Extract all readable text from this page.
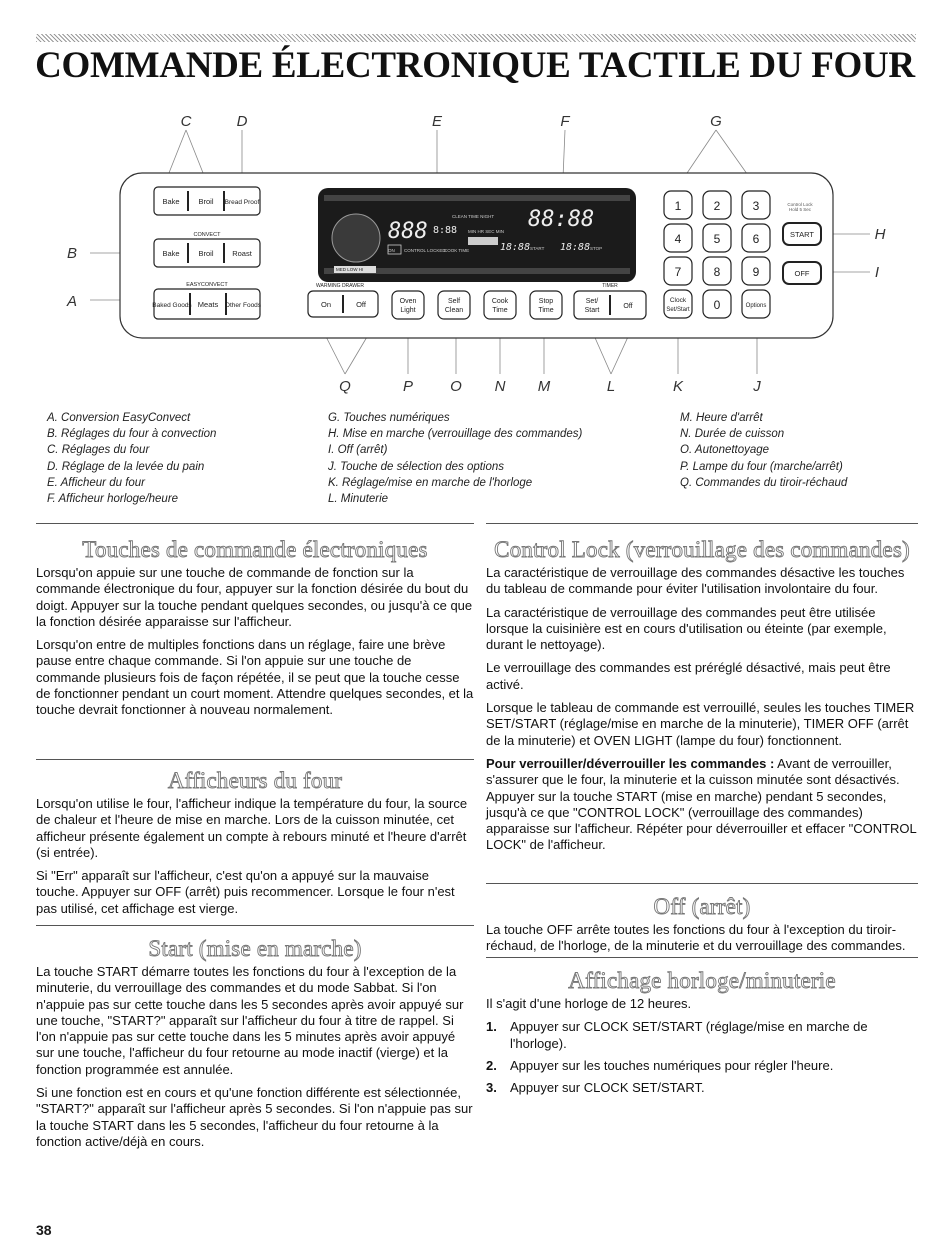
COMMANDE ÉLECTRONIQUE TACTILE DU FOUR
C	D	E	F	G
B
A
H
I
Q	P O N M	L	K	J
Bake	Broil Bread Proof
CONVECT
Bake	Broil Roast
EASYCONVECT
Baked Goods Meats Other Foods
888	88:88
8:88
18:88	18:88
MED LOW HI
CLEAN TIME NIGHT
MIN HR SEC MIN
ON CONTROL LOCKED
COOK TIME	START	STOP
WARMING DRAWER
On	Off	Oven
Light
Self
Clean
Cook
Time
Stop
Time
TIMER
Set/
Start
Off
1	2	3
4	5	6
7	8	9
Clock
Set/Start 0	Options
Control Lock
Hold 5 Sec
START
OFF
A. Conversion EasyConvect
B. Réglages du four à convection
C. Réglages du four
D. Réglage de la levée du pain
E. Afficheur du four
F. Afficheur horloge/heure
G. Touches numériques
H. Mise en marche (verrouillage des commandes)
I. Off (arrêt)
J. Touche de sélection des options
K. Réglage/mise en marche de l'horloge
L. Minuterie
M. Heure d'arrêt
N. Durée de cuisson
O. Autonettoyage
P. Lampe du four (marche/arrêt)
Q. Commandes du tiroir-réchaud
Touches de commande électroniques

Lorsqu'on appuie sur une touche de commande de fonction sur la commande électronique du four, appuyer sur la fonction désirée du bout du doigt. Appuyer sur la touche pendant quelques secondes, ou jusqu'à ce que la fonction désirée apparaisse sur l'afficheur.

Lorsqu'on entre de multiples fonctions dans un réglage, faire une brève pause entre chaque commande. Si l'on appuie sur une touche de commande plusieurs fois de façon répétée, il se peut que la touche cesse de fonctionner pendant un court moment. Attendre quelques secondes, et la touche devrait fonctionner à nouveau normalement.

Afficheurs du four

Lorsqu'on utilise le four, l'afficheur indique la température du four, la source de chaleur et l'heure de mise en marche. Lors de la cuisson minutée, cet afficheur présente également un compte à rebours minuté et l'heure d'arrêt (si entrée).

Si "Err" apparaît sur l'afficheur, c'est qu'on a appuyé sur la mauvaise touche. Appuyer sur OFF (arrêt) puis recommencer. Lorsque le four n'est pas utilisé, cet affichage est vierge.

Start (mise en marche)

La touche START démarre toutes les fonctions du four à l'exception de la minuterie, du verrouillage des commandes et du mode Sabbat. Si l'on n'appuie pas sur cette touche dans les 5 secondes après avoir appuyé sur une touche, "START?" apparaît sur l'afficheur du four à titre de rappel. Si l'on n'appuie pas sur cette touche dans les 5 minutes après avoir appuyé sur une touche, l'afficheur du four retourne au mode inactif (vierge) et la fonction programmée est annulée.

Si une fonction est en cours et qu'une fonction différente est sélectionnée, "START?" apparaît sur l'afficheur après 5 secondes. Si l'on n'appuie pas sur la touche START dans les 5 secondes, l'afficheur du four retourne à la fonction active/déjà en cours.

Control Lock (verrouillage des commandes)

La caractéristique de verrouillage des commandes désactive les touches du tableau de commande pour éviter l'utilisation involontaire du four.

La caractéristique de verrouillage des commandes peut être utilisée lorsque la cuisinière est en cours d'utilisation ou éteinte (par exemple, durant le nettoyage).

Le verrouillage des commandes est préréglé désactivé, mais peut être activé.

Lorsque le tableau de commande est verrouillé, seules les touches TIMER SET/START (réglage/mise en marche de la minuterie), TIMER OFF (arrêt de la minuterie) et OVEN LIGHT (lampe du four) fonctionnent.

Pour verrouiller/déverrouiller les commandes : Avant de verrouiller, s'assurer que le four, la minuterie et la cuisson minutée sont désactivés. Appuyer sur la touche START (mise en marche) pendant 5 secondes, jusqu'à ce que "CONTROL LOCK" (verrouillage des commandes) apparaisse sur l'afficheur. Répéter pour déverrouiller et effacer "CONTROL LOCK" de l'afficheur.

Off (arrêt)

La touche OFF arrête toutes les fonctions du four à l'exception du tiroir-réchaud, de l'horloge, de la minuterie et du verrouillage des commandes.

Affichage horloge/minuterie

Il s'agit d'une horloge de 12 heures.

1. Appuyer sur CLOCK SET/START (réglage/mise en marche de l'horloge).
2. Appuyer sur les touches numériques pour régler l'heure.
3. Appuyer sur CLOCK SET/START.
38
